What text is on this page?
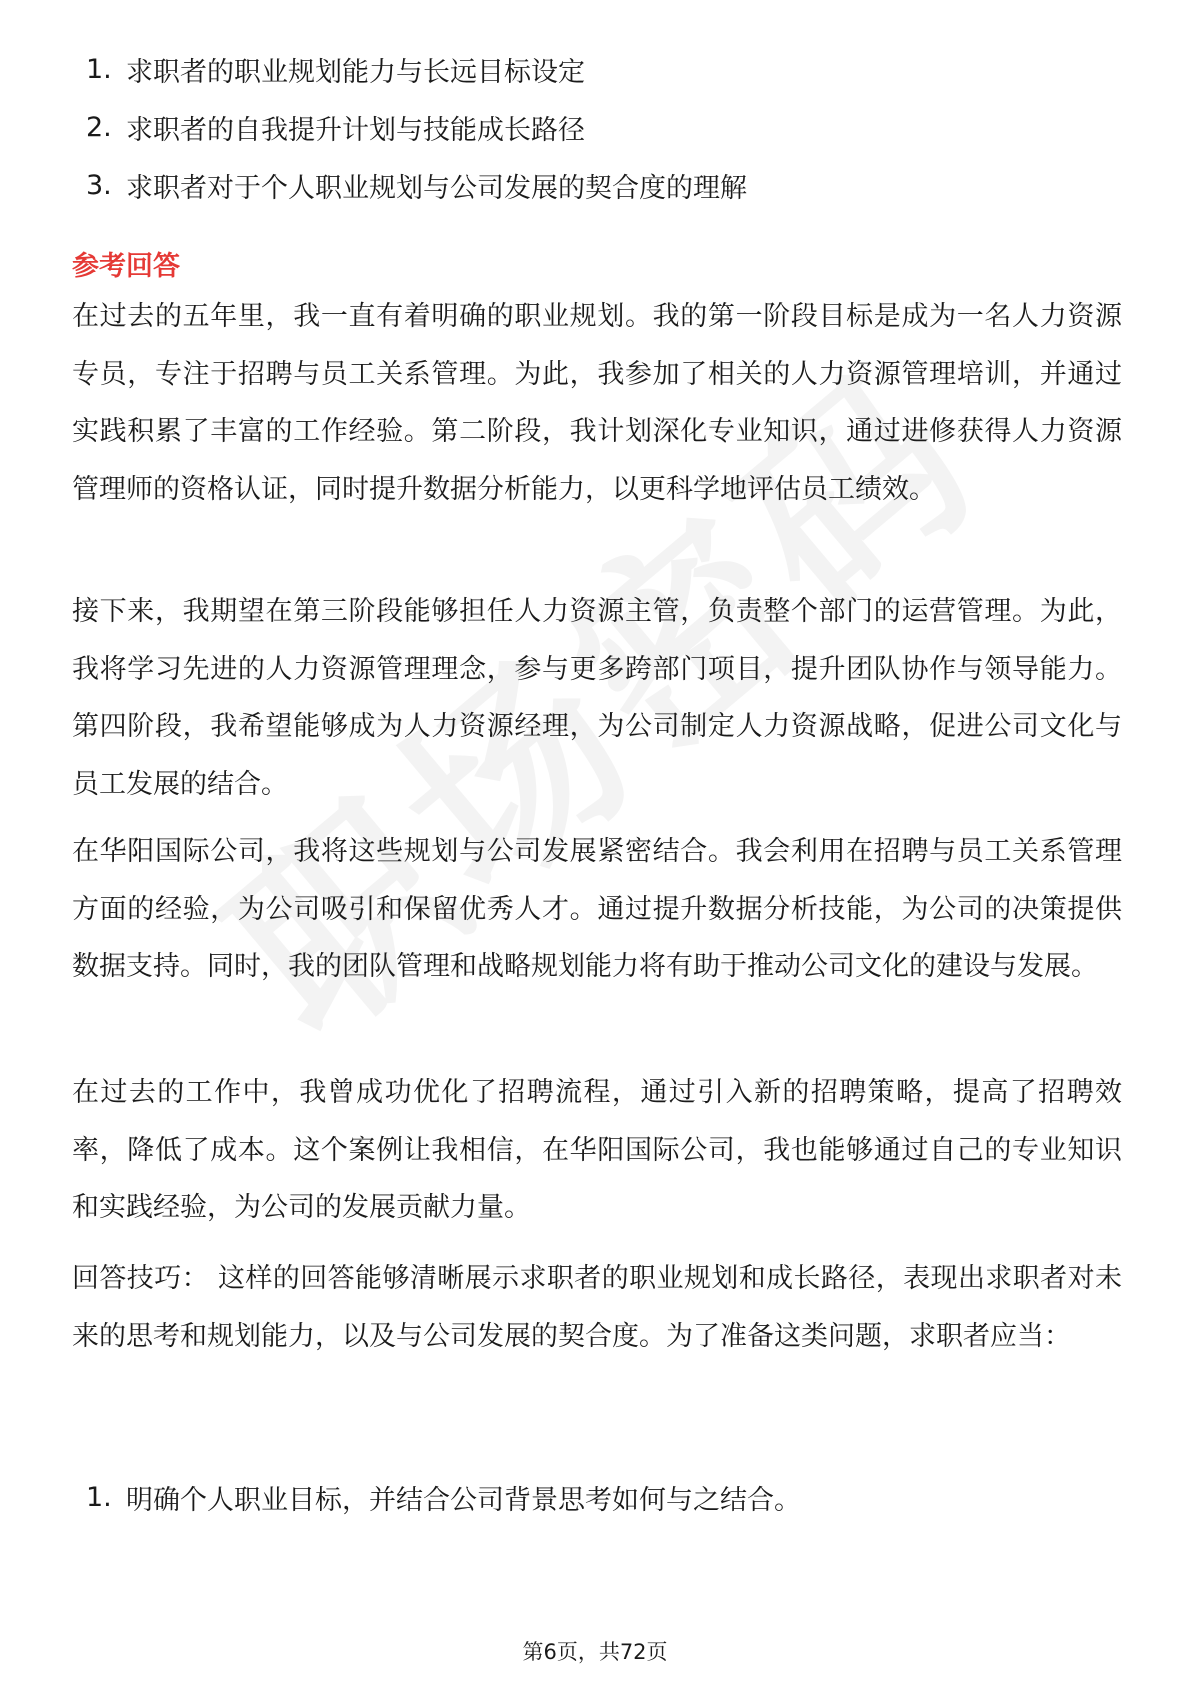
1. 求职者的职业规划能力与长远目标设定
2. 求职者的自我提升计划与技能成长路径
3. 求职者对于个人职业规划与公司发展的契合度的理解
参考回答

在过去的五年里，我一直有着明确的职业规划。我的第一阶段目标是成为一名人力资源专员，专注于招聘与员工关系管理。为此，我参加了相关的人力资源管理培训，并通过实践积累了丰富的工作经验。第二阶段，我计划深化专业知识，通过进修获得人力资源管理师的资格认证，同时提升数据分析能力，以更科学地评估员工绩效。

接下来，我期望在第三阶段能够担任人力资源主管，负责整个部门的运营管理。为此，我将学习先进的人力资源管理理念，参与更多跨部门项目，提升团队协作与领导能力。第四阶段，我希望能够成为人力资源经理，为公司制定人力资源战略，促进公司文化与员工发展的结合。

在华阳国际公司，我将这些规划与公司发展紧密结合。我会利用在招聘与员工关系管理方面的经验，为公司吸引和保留优秀人才。通过提升数据分析技能，为公司的决策提供数据支持。同时，我的团队管理和战略规划能力将有助于推动公司文化的建设与发展。

在过去的工作中，我曾成功优化了招聘流程，通过引入新的招聘策略，提高了招聘效率，降低了成本。这个案例让我相信，在华阳国际公司，我也能够通过自己的专业知识和实践经验，为公司的发展贡献力量。

回答技巧： 这样的回答能够清晰展示求职者的职业规划和成长路径，表现出求职者对未来的思考和规划能力，以及与公司发展的契合度。为了准备这类问题，求职者应当：

1. 明确个人职业目标，并结合公司背景思考如何与之结合。
第6页，共72页
